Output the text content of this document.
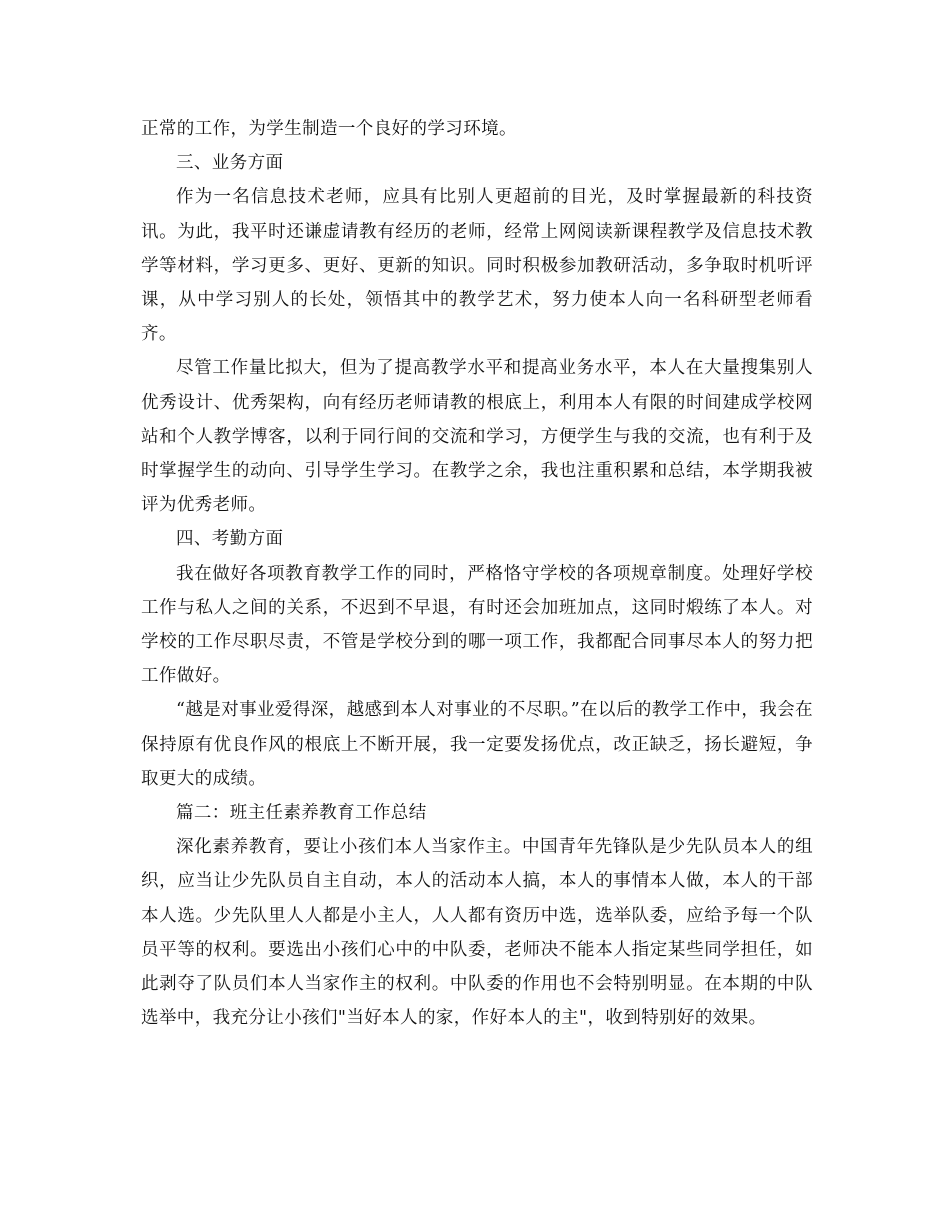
正常的工作，为学生制造一个良好的学习环境。

三、业务方面

作为一名信息技术老师，应具有比别人更超前的目光，及时掌握最新的科技资讯。为此，我平时还谦虚请教有经历的老师，经常上网阅读新课程教学及信息技术教学等材料，学习更多、更好、更新的知识。同时积极参加教研活动，多争取时机听评课，从中学习别人的长处，领悟其中的教学艺术，努力使本人向一名科研型老师看齐。

尽管工作量比拟大，但为了提高教学水平和提高业务水平，本人在大量搜集别人优秀设计、优秀架构，向有经历老师请教的根底上，利用本人有限的时间建成学校网站和个人教学博客，以利于同行间的交流和学习，方便学生与我的交流，也有利于及时掌握学生的动向、引导学生学习。在教学之余，我也注重积累和总结，本学期我被评为优秀老师。

四、考勤方面

我在做好各项教育教学工作的同时，严格恪守学校的各项规章制度。处理好学校工作与私人之间的关系，不迟到不早退，有时还会加班加点，这同时煅练了本人。对学校的工作尽职尽责，不管是学校分到的哪一项工作，我都配合同事尽本人的努力把工作做好。

“越是对事业爱得深，越感到本人对事业的不尽职。”在以后的教学工作中，我会在保持原有优良作风的根底上不断开展，我一定要发扬优点，改正缺乏，扬长避短，争取更大的成绩。

篇二：班主任素养教育工作总结

深化素养教育，要让小孩们本人当家作主。中国青年先锋队是少先队员本人的组织，应当让少先队员自主自动，本人的活动本人搞，本人的事情本人做，本人的干部本人选。少先队里人人都是小主人，人人都有资历中选，选举队委，应给予每一个队员平等的权利。要选出小孩们心中的中队委，老师决不能本人指定某些同学担任，如此剥夺了队员们本人当家作主的权利。中队委的作用也不会特别明显。在本期的中队选举中，我充分让小孩们"当好本人的家，作好本人的主"，收到特别好的效果。
